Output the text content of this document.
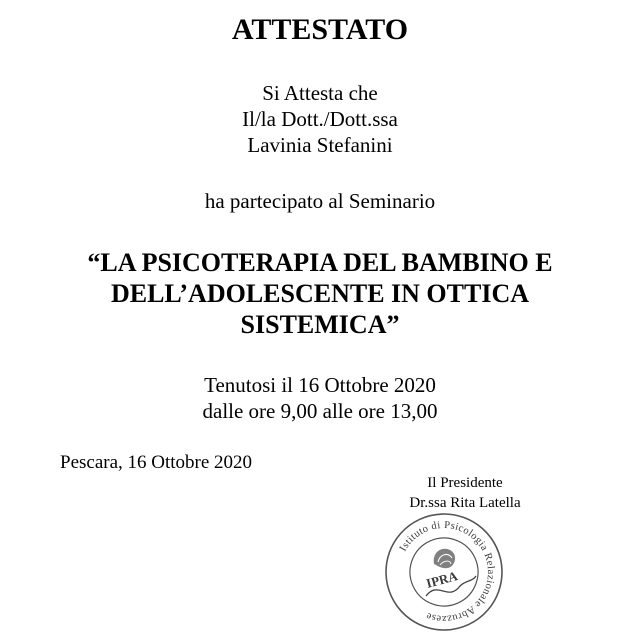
ATTESTATO
Si Attesta che
Il/la Dott./Dott.ssa
Lavinia Stefanini
ha partecipato al Seminario
“LA PSICOTERAPIA DEL BAMBINO E DELL’ADOLESCENTE IN OTTICA SISTEMICA”
Tenutosi il 16 Ottobre 2020
dalle ore 9,00 alle ore 13,00
Pescara, 16 Ottobre 2020
Il Presidente
Dr.ssa Rita Latella
Istituto di Psicologia Relazionale Abruzzese
IPRA
